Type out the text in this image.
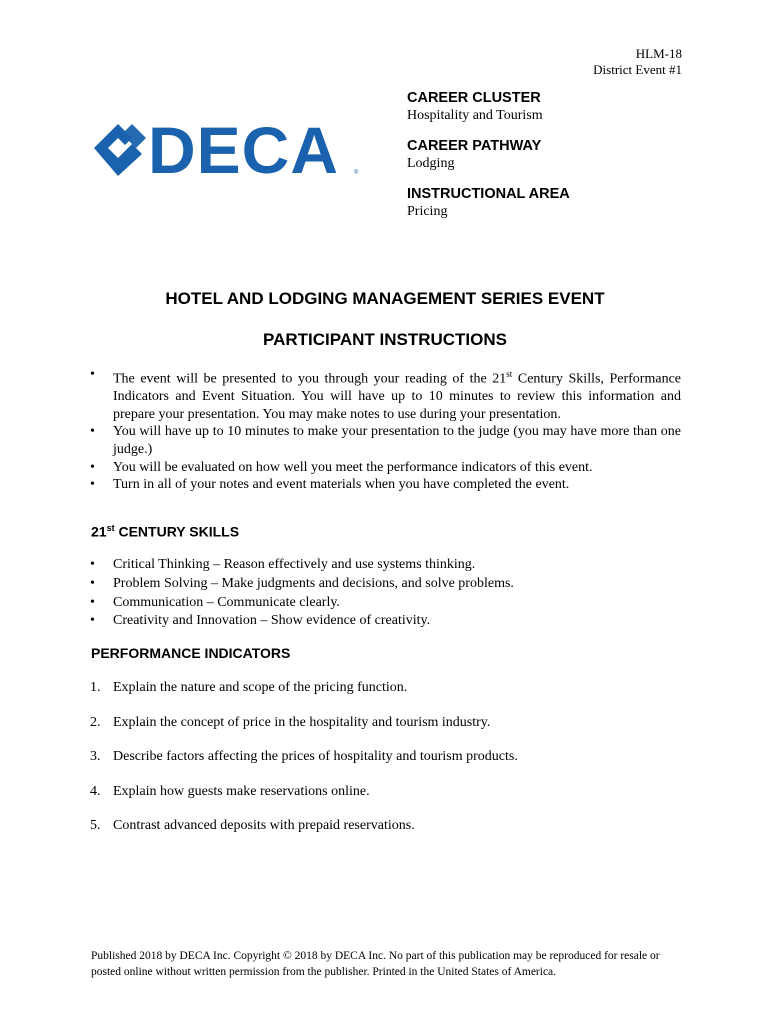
HLM-18
District Event #1
DECA ®
CAREER CLUSTER
Hospitality and Tourism
CAREER PATHWAY
Lodging
INSTRUCTIONAL AREA
Pricing
HOTEL AND LODGING MANAGEMENT SERIES EVENT
PARTICIPANT INSTRUCTIONS
• The event will be presented to you through your reading of the 21st Century Skills, Performance Indicators and Event Situation. You will have up to 10 minutes to review this information and prepare your presentation. You may make notes to use during your presentation.
• You will have up to 10 minutes to make your presentation to the judge (you may have more than one judge.)
• You will be evaluated on how well you meet the performance indicators of this event.
• Turn in all of your notes and event materials when you have completed the event.
21st CENTURY SKILLS
• Critical Thinking – Reason effectively and use systems thinking.
• Problem Solving – Make judgments and decisions, and solve problems.
• Communication – Communicate clearly.
• Creativity and Innovation – Show evidence of creativity.
PERFORMANCE INDICATORS
1. Explain the nature and scope of the pricing function.
2. Explain the concept of price in the hospitality and tourism industry.
3. Describe factors affecting the prices of hospitality and tourism products.
4. Explain how guests make reservations online.
5. Contrast advanced deposits with prepaid reservations.
Published 2018 by DECA Inc. Copyright © 2018 by DECA Inc. No part of this publication may be reproduced for resale or posted online without written permission from the publisher. Printed in the United States of America.
